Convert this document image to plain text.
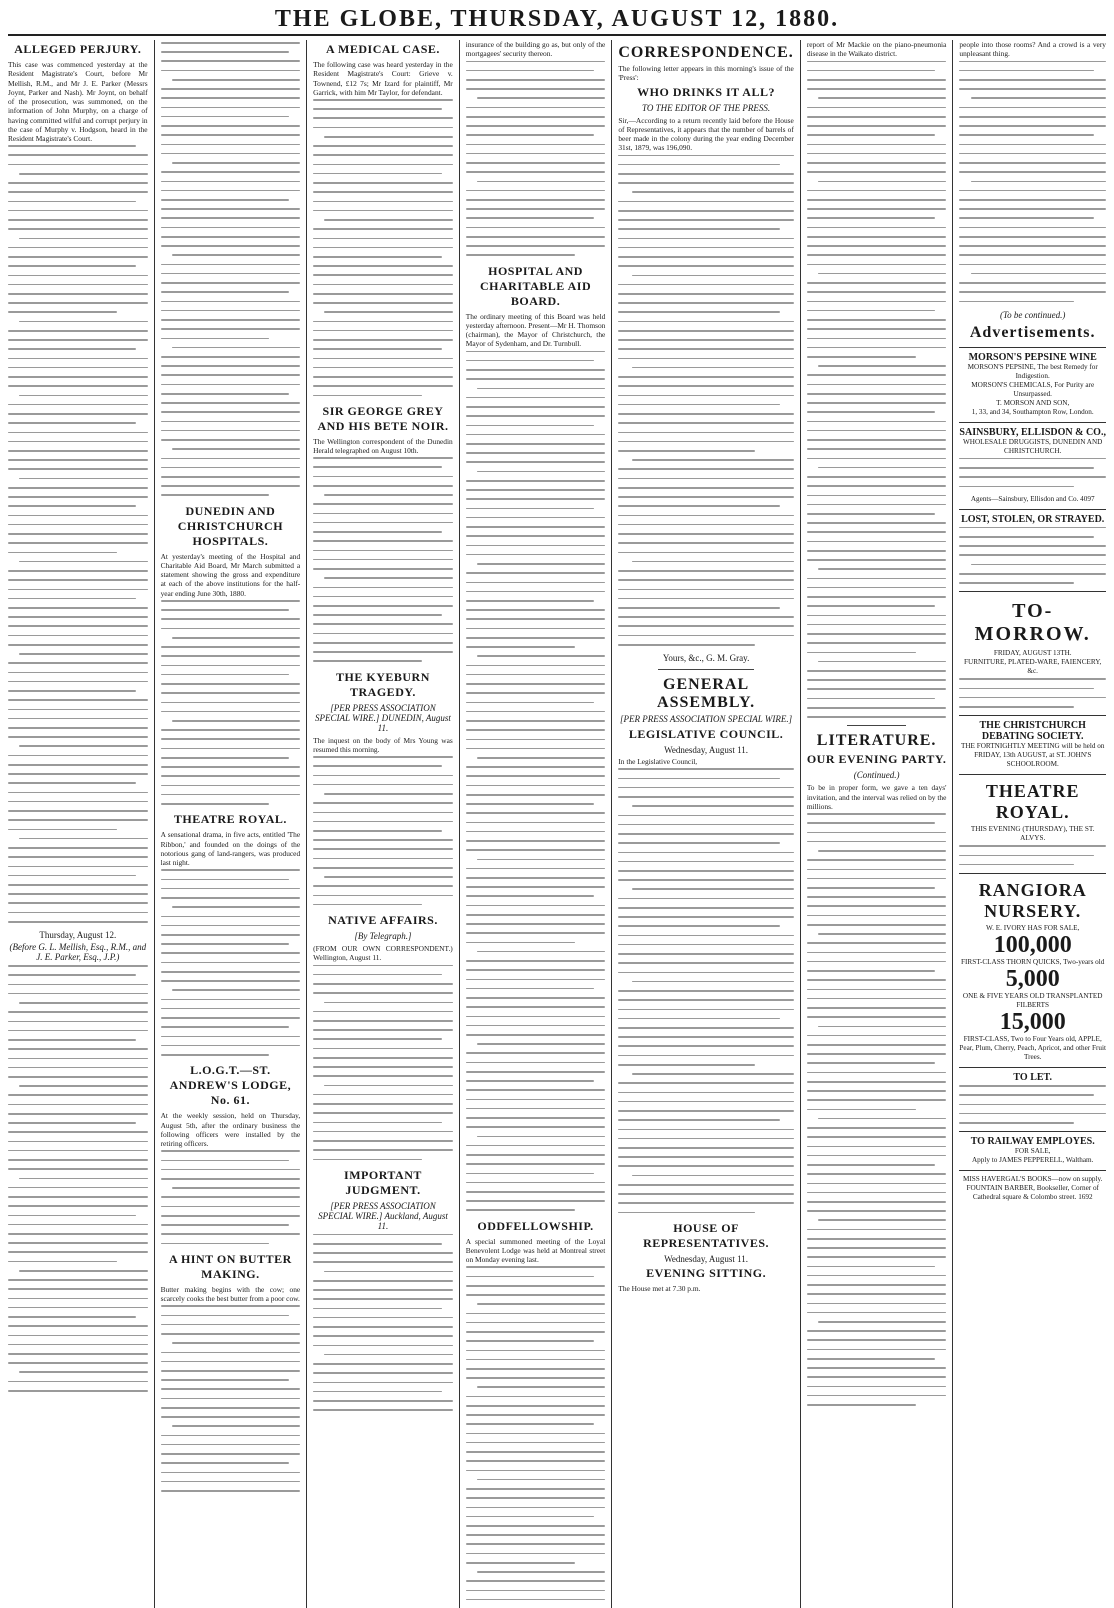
THE GLOBE, THURSDAY, AUGUST 12, 1880.
ALLEGED PERJURY.
This case was commenced yesterday at the Resident Magistrate's Court, before Mr Mellish, R.M., and Mr J. E. Parker (Messrs Joynt, Parker and Nash). Mr Joynt, on behalf of the prosecution, was summoned, on the information of John Murphy, on a charge of having committed wilful and corrupt perjury in the case of Murphy v. Hodgson, heard in the Resident Magistrate's Court.
Thursday, August 12.
(Before G. L. Mellish, Esq., R.M., and J. E. Parker, Esq., J.P.)
DUNEDIN AND CHRISTCHURCH HOSPITALS.
At yesterday's meeting of the Hospital and Charitable Aid Board, Mr March submitted a statement showing the gross and expenditure at each of the above institutions for the half-year ending June 30th, 1880.
THEATRE ROYAL.
A sensational drama, in five acts, entitled 'The Ribbon,' and founded on the doings of the notorious gang of land-rangers, was produced last night.
L.O.G.T.—ST. ANDREW'S LODGE, No. 61.
At the weekly session, held on Thursday, August 5th, after the ordinary business the following officers were installed by the retiring officers.
A HINT ON BUTTER MAKING.
Butter making begins with the cow; one scarcely cooks the best butter from a poor cow.
A MEDICAL CASE.
The following case was heard yesterday in the Resident Magistrate's Court: Grieve v. Townend, £12 7s; Mr Izard for plaintiff, Mr Garrick, with him Mr Taylor, for defendant.
SIR GEORGE GREY AND HIS BETE NOIR.
The Wellington correspondent of the Dunedin Herald telegraphed on August 10th.
THE KYEBURN TRAGEDY.
[PER PRESS ASSOCIATION SPECIAL WIRE.] DUNEDIN, August 11.
The inquest on the body of Mrs Young was resumed this morning.
NATIVE AFFAIRS.
[By Telegraph.]
(FROM OUR OWN CORRESPONDENT.) Wellington, August 11.
IMPORTANT JUDGMENT.
[PER PRESS ASSOCIATION SPECIAL WIRE.] Auckland, August 11.
insurance of the building go as, but only of the mortgagees' security thereon.
HOSPITAL AND CHARITABLE AID BOARD.
The ordinary meeting of this Board was held yesterday afternoon. Present—Mr H. Thomson (chairman), the Mayor of Christchurch, the Mayor of Sydenham, and Dr. Turnbull.
ODDFELLOWSHIP.
A special summoned meeting of the Loyal Benevolent Lodge was held at Montreal street on Monday evening last.
CORRESPONDENCE.
The following letter appears in this morning's issue of the 'Press':
WHO DRINKS IT ALL?
TO THE EDITOR OF THE PRESS.
Sir,—According to a return recently laid before the House of Representatives, it appears that the number of barrels of beer made in the colony during the year ending December 31st, 1879, was 196,090.
Yours, &c., G. M. Gray.
GENERAL ASSEMBLY.
[PER PRESS ASSOCIATION SPECIAL WIRE.]
LEGISLATIVE COUNCIL.
Wednesday, August 11.
In the Legislative Council,
HOUSE OF REPRESENTATIVES.
Wednesday, August 11.
EVENING SITTING.
The House met at 7.30 p.m.
report of Mr Mackie on the piano-pneumonia disease in the Waikato district.
LITERATURE.
OUR EVENING PARTY.
(Continued.)
To be in proper form, we gave a ten days' invitation, and the interval was relied on by the millions.
people into those rooms? And a crowd is a very unpleasant thing.
(To be continued.)
Advertisements.
MORSON'S PEPSINE WINE
MORSON'S PEPSINE, The best Remedy for Indigestion.
MORSON'S CHEMICALS, For Purity are Unsurpassed.
T. MORSON AND SON,
1, 33, and 34, Southampton Row, London.
SAINSBURY, ELLISDON & CO.,
WHOLESALE DRUGGISTS, DUNEDIN AND CHRISTCHURCH.
Agents—Sainsbury, Ellisdon and Co. 4097
LOST, STOLEN, OR STRAYED.
TO-MORROW.
FRIDAY, AUGUST 13TH.
FURNITURE, PLATED-WARE, FAIENCERY, &c.
THE CHRISTCHURCH DEBATING SOCIETY.
THE FORTNIGHTLY MEETING will be held on FRIDAY, 13th AUGUST, at ST. JOHN'S SCHOOLROOM.
THEATRE ROYAL.
THIS EVENING (THURSDAY), THE ST. ALVYS.
RANGIORA NURSERY.
W. E. IVORY HAS FOR SALE,
100,000
FIRST-CLASS THORN QUICKS, Two-years old
5,000
ONE & FIVE YEARS OLD TRANSPLANTED FILBERTS
15,000
FIRST-CLASS, Two to Four Years old, APPLE, Pear, Plum, Cherry, Peach, Apricot, and other Fruit Trees.
TO LET.
TO RAILWAY EMPLOYES.
FOR SALE,
Apply to JAMES PEPPERELL, Waltham.
MISS HAVERGAL'S BOOKS—now on supply.
FOUNTAIN BARBER, Bookseller, Corner of Cathedral square & Colombo street. 1692
